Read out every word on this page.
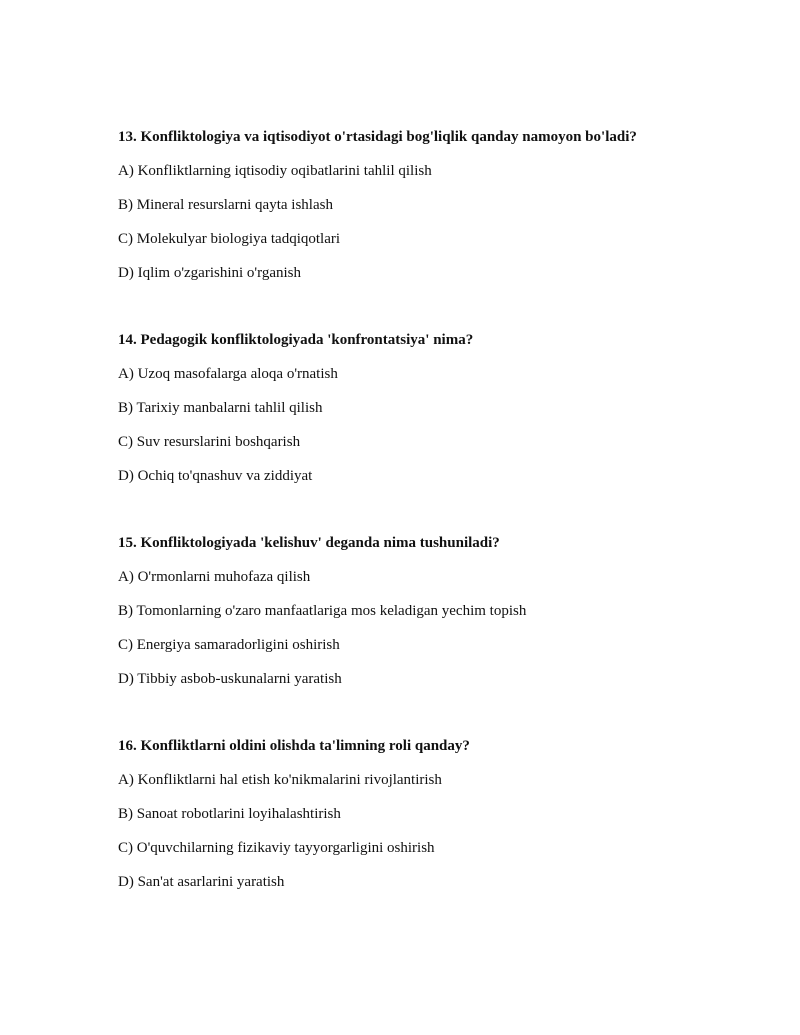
13. Konfliktologiya va iqtisodiyot o'rtasidagi bog'liqlik qanday namoyon bo'ladi?

A) Konfliktlarning iqtisodiy oqibatlarini tahlil qilish

B) Mineral resurslarni qayta ishlash

C) Molekulyar biologiya tadqiqotlari

D) Iqlim o'zgarishini o'rganish

14. Pedagogik konfliktologiyada 'konfrontatsiya' nima?

A) Uzoq masofalarga aloqa o'rnatish

B) Tarixiy manbalarni tahlil qilish

C) Suv resurslarini boshqarish

D) Ochiq to'qnashuv va ziddiyat

15. Konfliktologiyada 'kelishuv' deganda nima tushuniladi?

A) O'rmonlarni muhofaza qilish

B) Tomonlarning o'zaro manfaatlariga mos keladigan yechim topish

C) Energiya samaradorligini oshirish

D) Tibbiy asbob-uskunalarni yaratish

16. Konfliktlarni oldini olishda ta'limning roli qanday?

A) Konfliktlarni hal etish ko'nikmalarini rivojlantirish

B) Sanoat robotlarini loyihalashtirish

C) O'quvchilarning fizikaviy tayyorgarligini oshirish

D) San'at asarlarini yaratish
